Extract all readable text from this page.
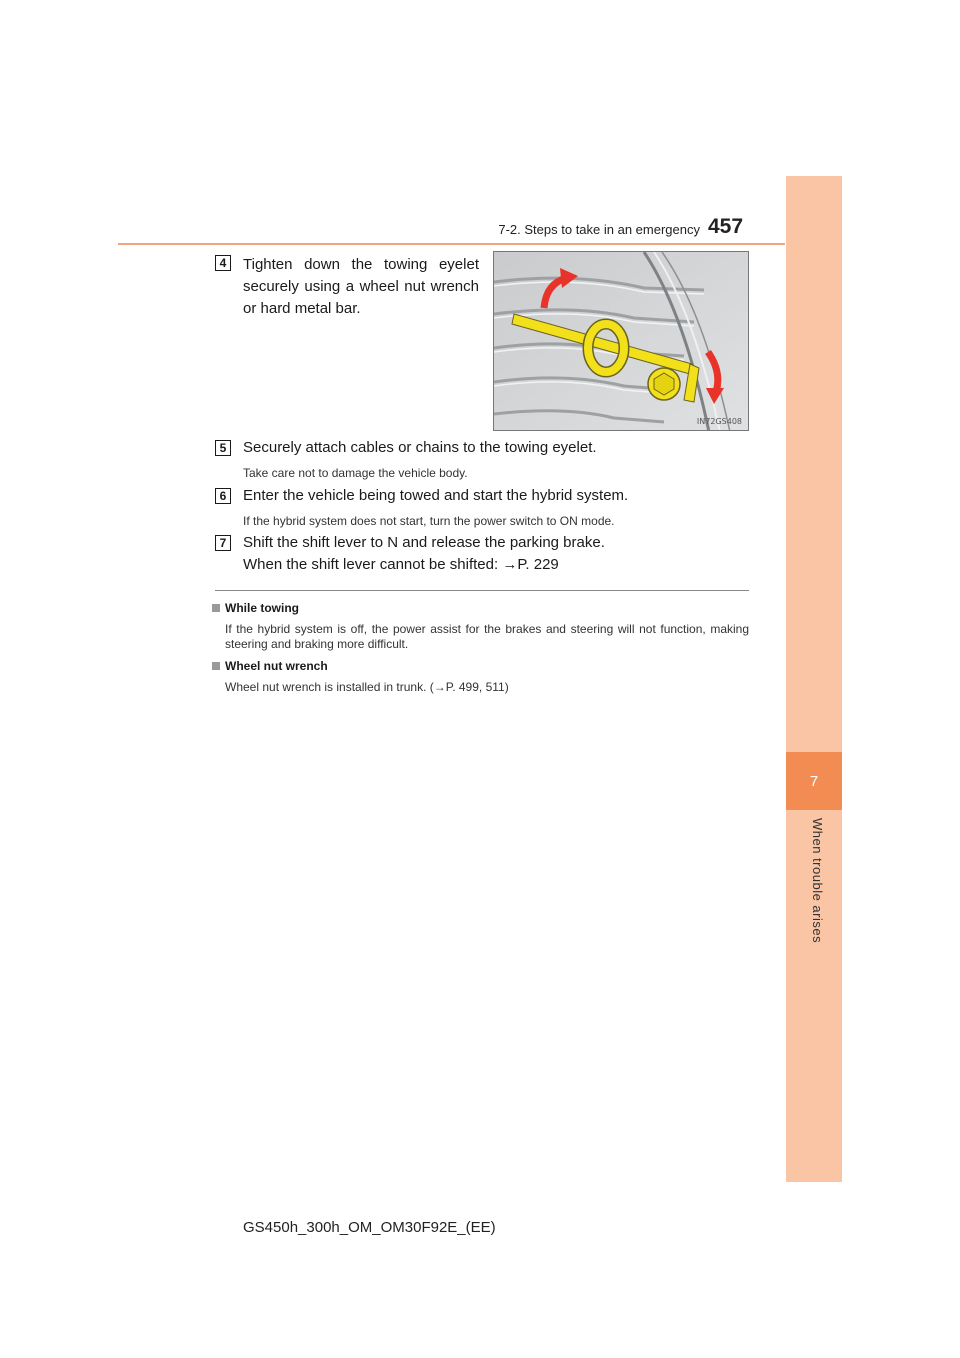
7
When trouble arises
7-2. Steps to take in an emergency 457
4	Tighten down the towing eyelet securely using a wheel nut wrench or hard metal bar.
IN72GS408
5	Securely attach cables or chains to the towing eyelet.
Take care not to damage the vehicle body.
6	Enter the vehicle being towed and start the hybrid system.
If the hybrid system does not start, turn the power switch to ON mode.
7	Shift the shift lever to N and release the parking brake.
When the shift lever cannot be shifted: →P. 229
While towing
If the hybrid system is off, the power assist for the brakes and steering will not function, making steering and braking more difficult.
Wheel nut wrench
Wheel nut wrench is installed in trunk. (→P. 499, 511)
GS450h_300h_OM_OM30F92E_(EE)
